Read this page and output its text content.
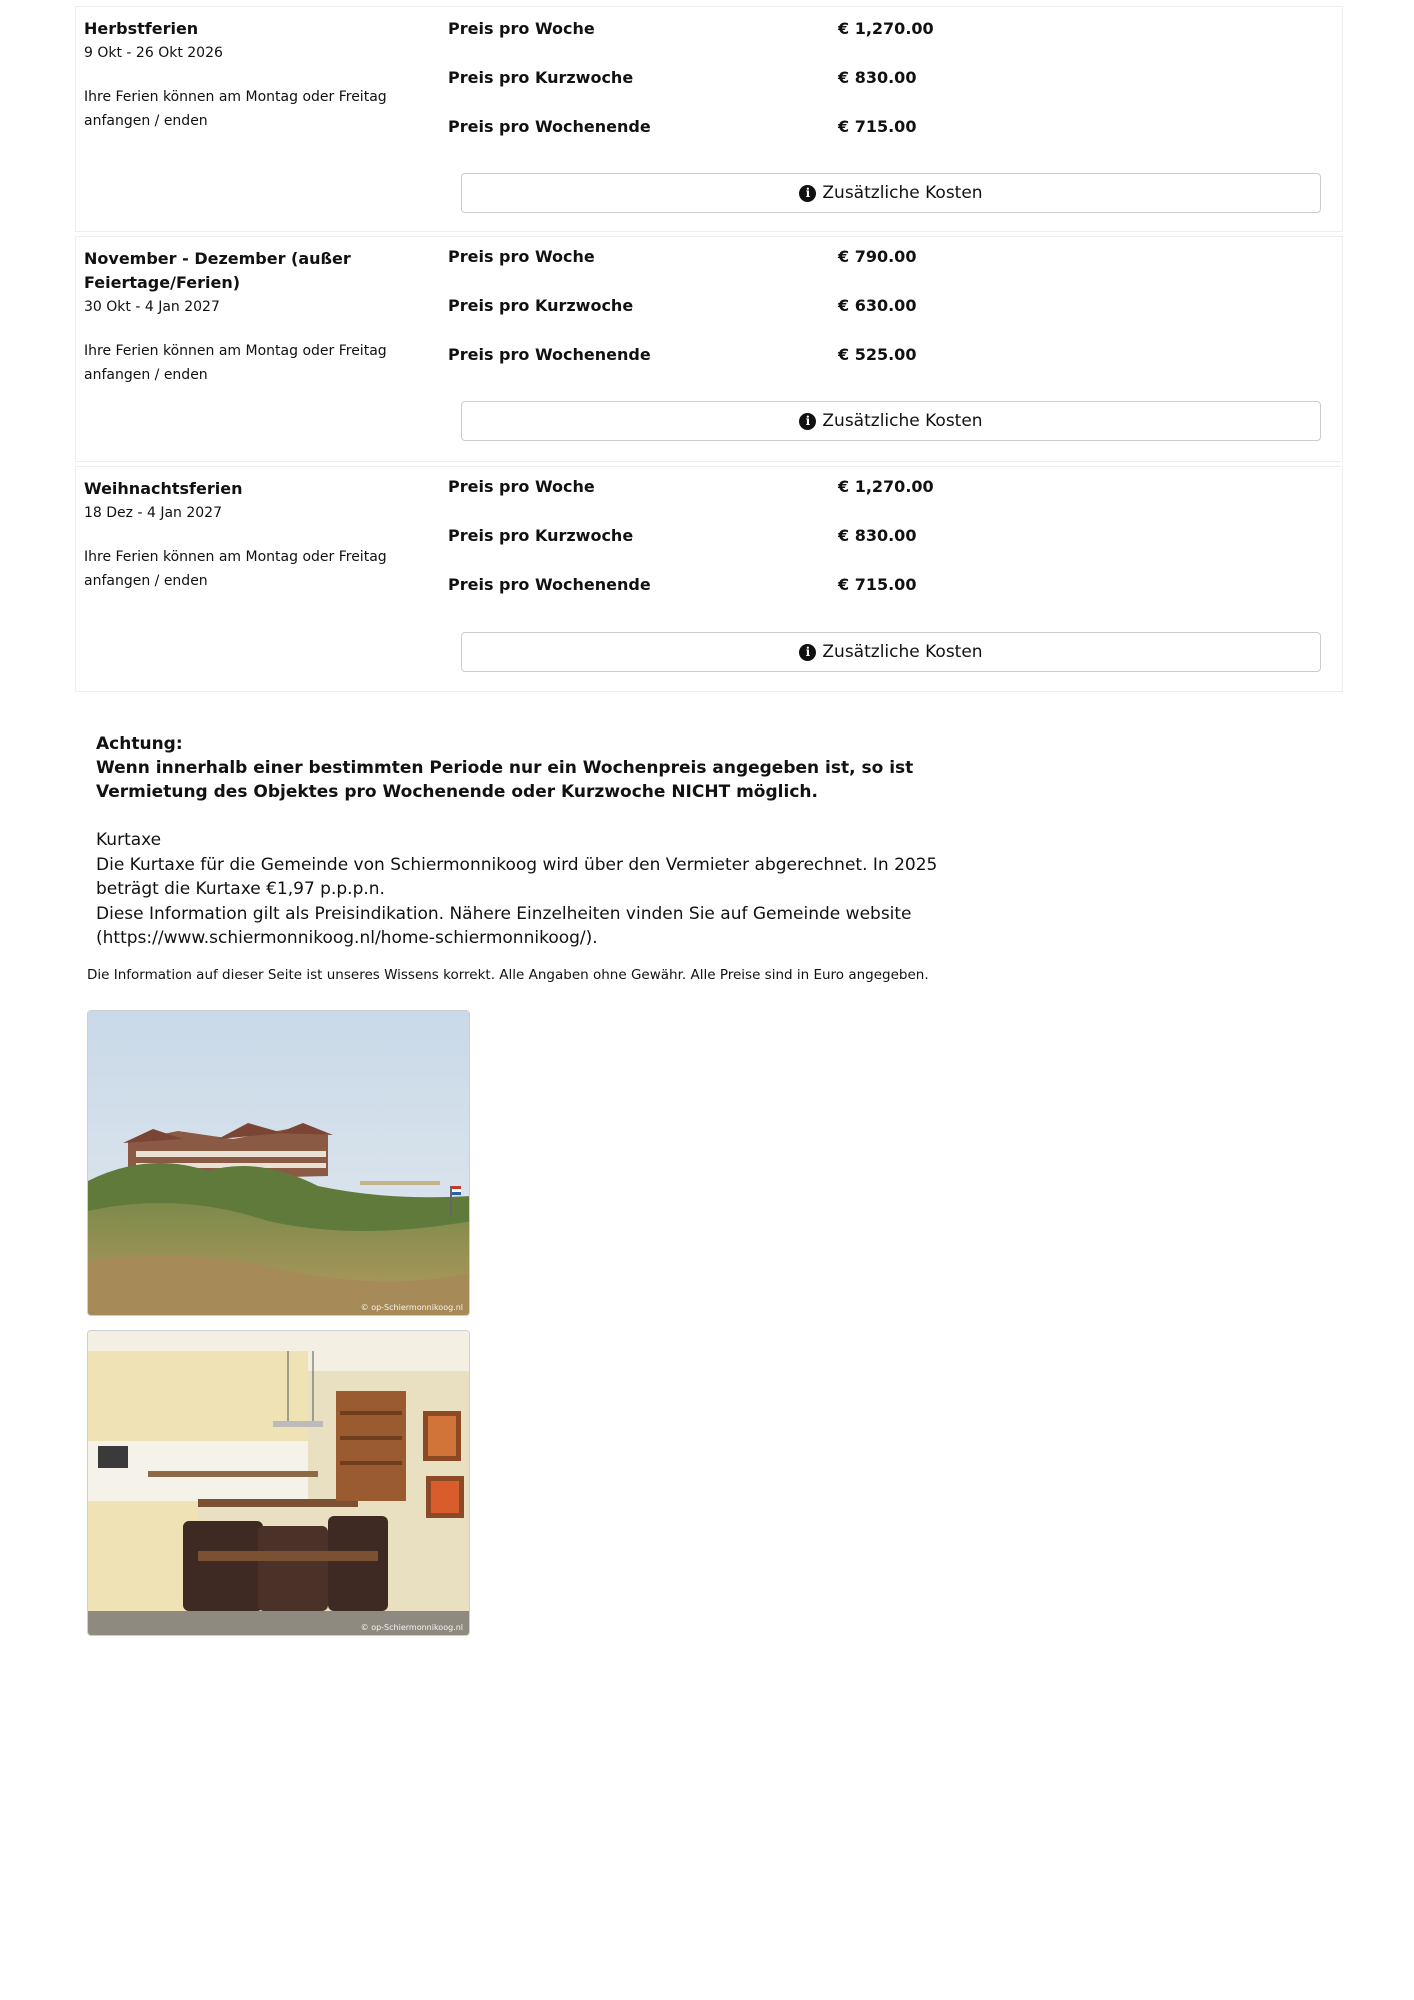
Herbstferien
9 Okt - 26 Okt 2026
Ihre Ferien können am Montag oder Freitag anfangen / enden
Preis pro Woche	€ 1,270.00
Preis pro Kurzwoche	€ 830.00
Preis pro Wochenende	€ 715.00
i Zusätzliche Kosten
November - Dezember (außer Feiertage/Ferien)
30 Okt - 4 Jan 2027
Ihre Ferien können am Montag oder Freitag anfangen / enden
Preis pro Woche	€ 790.00
Preis pro Kurzwoche	€ 630.00
Preis pro Wochenende	€ 525.00
i Zusätzliche Kosten
Weihnachtsferien
18 Dez - 4 Jan 2027
Ihre Ferien können am Montag oder Freitag anfangen / enden
Preis pro Woche	€ 1,270.00
Preis pro Kurzwoche	€ 830.00
Preis pro Wochenende	€ 715.00
i Zusätzliche Kosten
Achtung:
Wenn innerhalb einer bestimmten Periode nur ein Wochenpreis angegeben ist, so ist Vermietung des Objektes pro Wochenende oder Kurzwoche NICHT möglich.
Kurtaxe
Die Kurtaxe für die Gemeinde von Schiermonnikoog wird über den Vermieter abgerechnet. In 2025 beträgt die Kurtaxe €1,97 p.p.p.n.
Diese Information gilt als Preisindikation. Nähere Einzelheiten vinden Sie auf Gemeinde website (https://www.schiermonnikoog.nl/home-schiermonnikoog/).
Die Information auf dieser Seite ist unseres Wissens korrekt. Alle Angaben ohne Gewähr. Alle Preise sind in Euro angegeben.
© op-Schiermonnikoog.nl
© op-Schiermonnikoog.nl
